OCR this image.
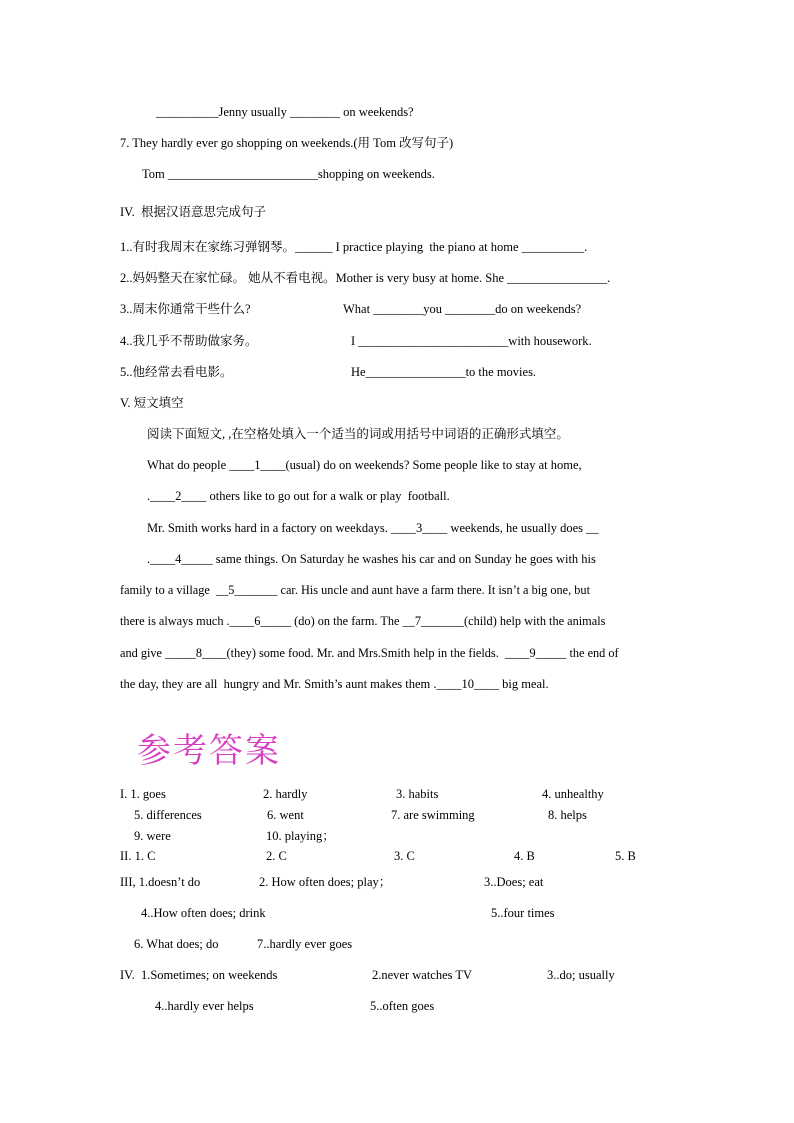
__________Jenny usually ________ on weekends?
7. They hardly ever go shopping on weekends.(用 Tom 改写句子)
Tom ________________________shopping on weekends.
IV.  根据汉语意思完成句子
1..有时我周末在家练习弹钢琴。______ I practice playing  the piano at home __________.
2..妈妈整天在家忙碌。 她从不看电视。Mother is very busy at home. She ________________.
3..周末你通常干些什么?	What ________you ________do on weekends?
4..我几乎不帮助做家务。	I ________________________with housework.
5..他经常去看电影。	He________________to the movies.
V. 短文填空
阅读下面短文, ,在空格处填入一个适当的词或用括号中词语的正确形式填空。
What do people ____1____(usual) do on weekends? Some people like to stay at home,
.____2____ others like to go out for a walk or play  football.
Mr. Smith works hard in a factory on weekdays. ____3____ weekends, he usually does __
.____4_____ same things. On Saturday he washes his car and on Sunday he goes with his
family to a village  __5_______ car. His uncle and aunt have a farm there. It isn’t a big one, but
there is always much .____6_____ (do) on the farm. The __7_______(child) help with the animals
and give _____8____(they) some food. Mr. and Mrs.Smith help in the fields.  ____9_____ the end of
the day, they are all  hungry and Mr. Smith’s aunt makes them .____10____ big meal.
参考答案
I. 1. goes	2. hardly	3. habits	4. unhealthy
5. differences	6. went	7. are swimming	8. helps
9. were	10. playing；
II. 1. C	2. C	3. C	4. B	5. B
III, 1.doesn’t do	2. How often does; play；	3..Does; eat
4..How often does; drink	5..four times
6. What does; do	7..hardly ever goes
IV.  1.Sometimes; on weekends	2.never watches TV	3..do; usually
4..hardly ever helps	5..often goes
